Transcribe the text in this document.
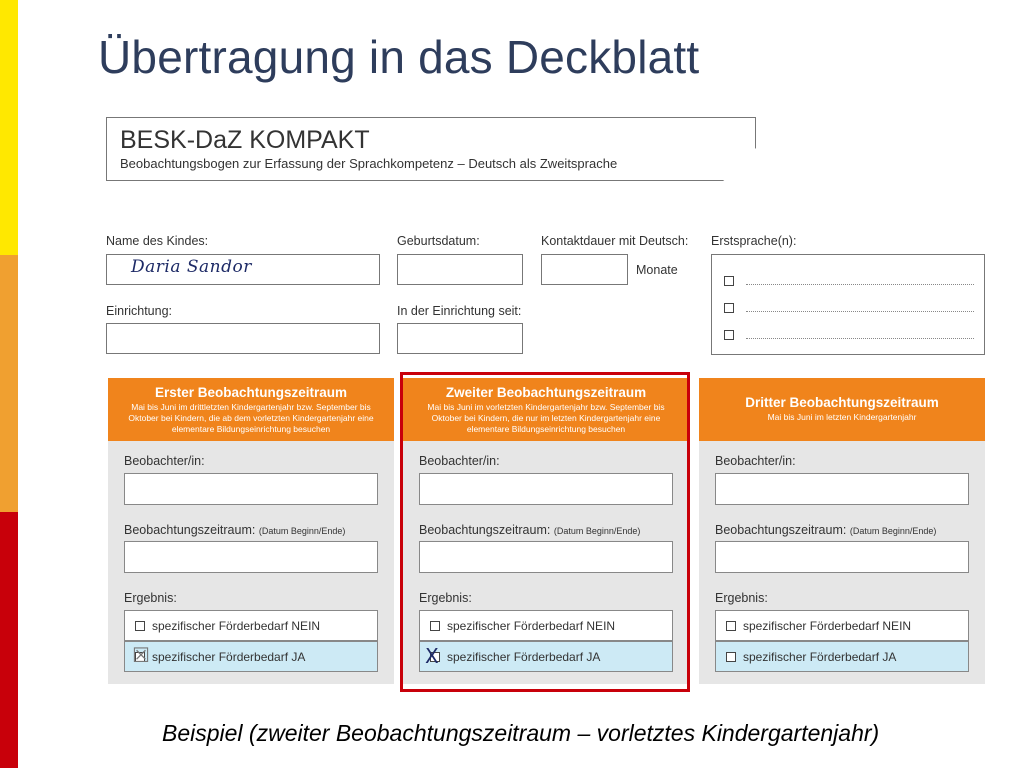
Übertragung in das Deckblatt
BESK-DaZ KOMPAKT
Beobachtungsbogen zur Erfassung der Sprachkompetenz – Deutsch als Zweitsprache
Name des Kindes:
Daria Sandor
Geburtsdatum:	Kontaktdauer mit Deutsch:
Monate
Erstsprache(n):
Einrichtung:	In der Einrichtung seit:
Erster Beobachtungszeitraum
Mai bis Juni im drittletzten Kindergartenjahr bzw. September bis Oktober bei Kindern, die ab dem vorletzten Kindergartenjahr eine elementare Bildungseinrichtung besuchen
Beobachter/in:
Beobachtungszeitraum: (Datum Beginn/Ende)
Ergebnis:
spezifischer Förderbedarf NEIN
☒ spezifischer Förderbedarf JA
Zweiter Beobachtungszeitraum
Mai bis Juni im vorletzten Kindergartenjahr bzw. September bis Oktober bei Kindern, die nur im letzten Kindergartenjahr eine elementare Bildungseinrichtung besuchen
Beobachter/in:
Beobachtungszeitraum: (Datum Beginn/Ende)
Ergebnis:
spezifischer Förderbedarf NEIN
X spezifischer Förderbedarf JA
Dritter Beobachtungszeitraum
Mai bis Juni im letzten Kindergartenjahr
Beobachter/in:
Beobachtungszeitraum: (Datum Beginn/Ende)
Ergebnis:
spezifischer Förderbedarf NEIN
spezifischer Förderbedarf JA
Beispiel (zweiter Beobachtungszeitraum – vorletztes Kindergartenjahr)
